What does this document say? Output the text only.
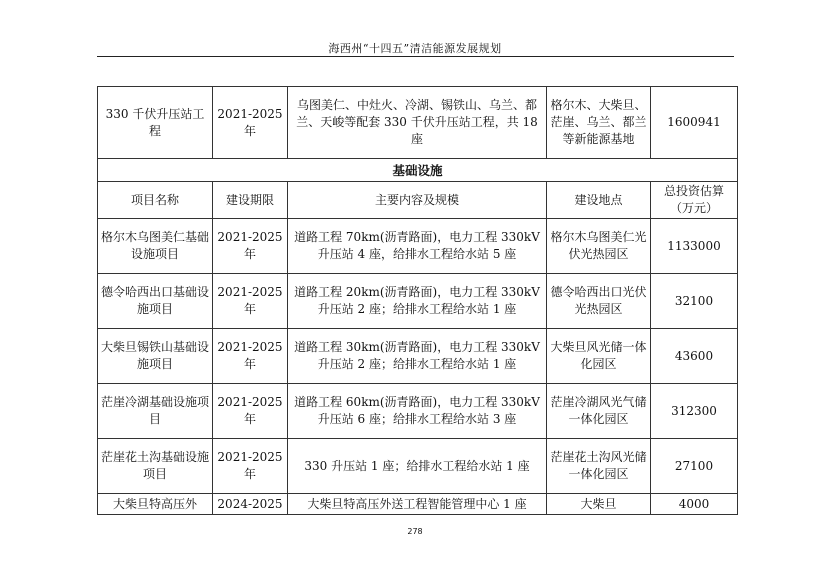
海西州“十四五”清洁能源发展规划
330 千伏升压站工程	2021-2025年	乌图美仁、中灶火、冷湖、锡铁山、乌兰、都兰、天峻等配套 330 千伏升压站工程，共 18 座	格尔木、大柴旦、茫崖、乌兰、都兰等新能源基地	1600941
基础设施				
项目名称	建设期限	主要内容及规模	建设地点	总投资估算（万元）
格尔木乌图美仁基础设施项目	2021-2025年	道路工程 70km(沥青路面)，电力工程 330kV 升压站 4 座，给排水工程给水站 5 座	格尔木乌图美仁光伏光热园区	1133000
德令哈西出口基础设施项目	2021-2025年	道路工程 20km(沥青路面)，电力工程 330kV 升压站 2 座；给排水工程给水站 1 座	德令哈西出口光伏光热园区	32100
大柴旦锡铁山基础设施项目	2021-2025年	道路工程 30km(沥青路面)，电力工程 330kV 升压站 2 座；给排水工程给水站 1 座	大柴旦风光储一体化园区	43600
茫崖冷湖基础设施项目	2021-2025年	道路工程 60km(沥青路面)，电力工程 330kV 升压站 6 座；给排水工程给水站 3 座	茫崖冷湖风光气储一体化园区	312300
茫崖花土沟基础设施项目	2021-2025年	330 升压站 1 座；给排水工程给水站 1 座	茫崖花土沟风光储一体化园区	27100
大柴旦特高压外	2024-2025	大柴旦特高压外送工程智能管理中心 1 座	大柴旦	4000
278
